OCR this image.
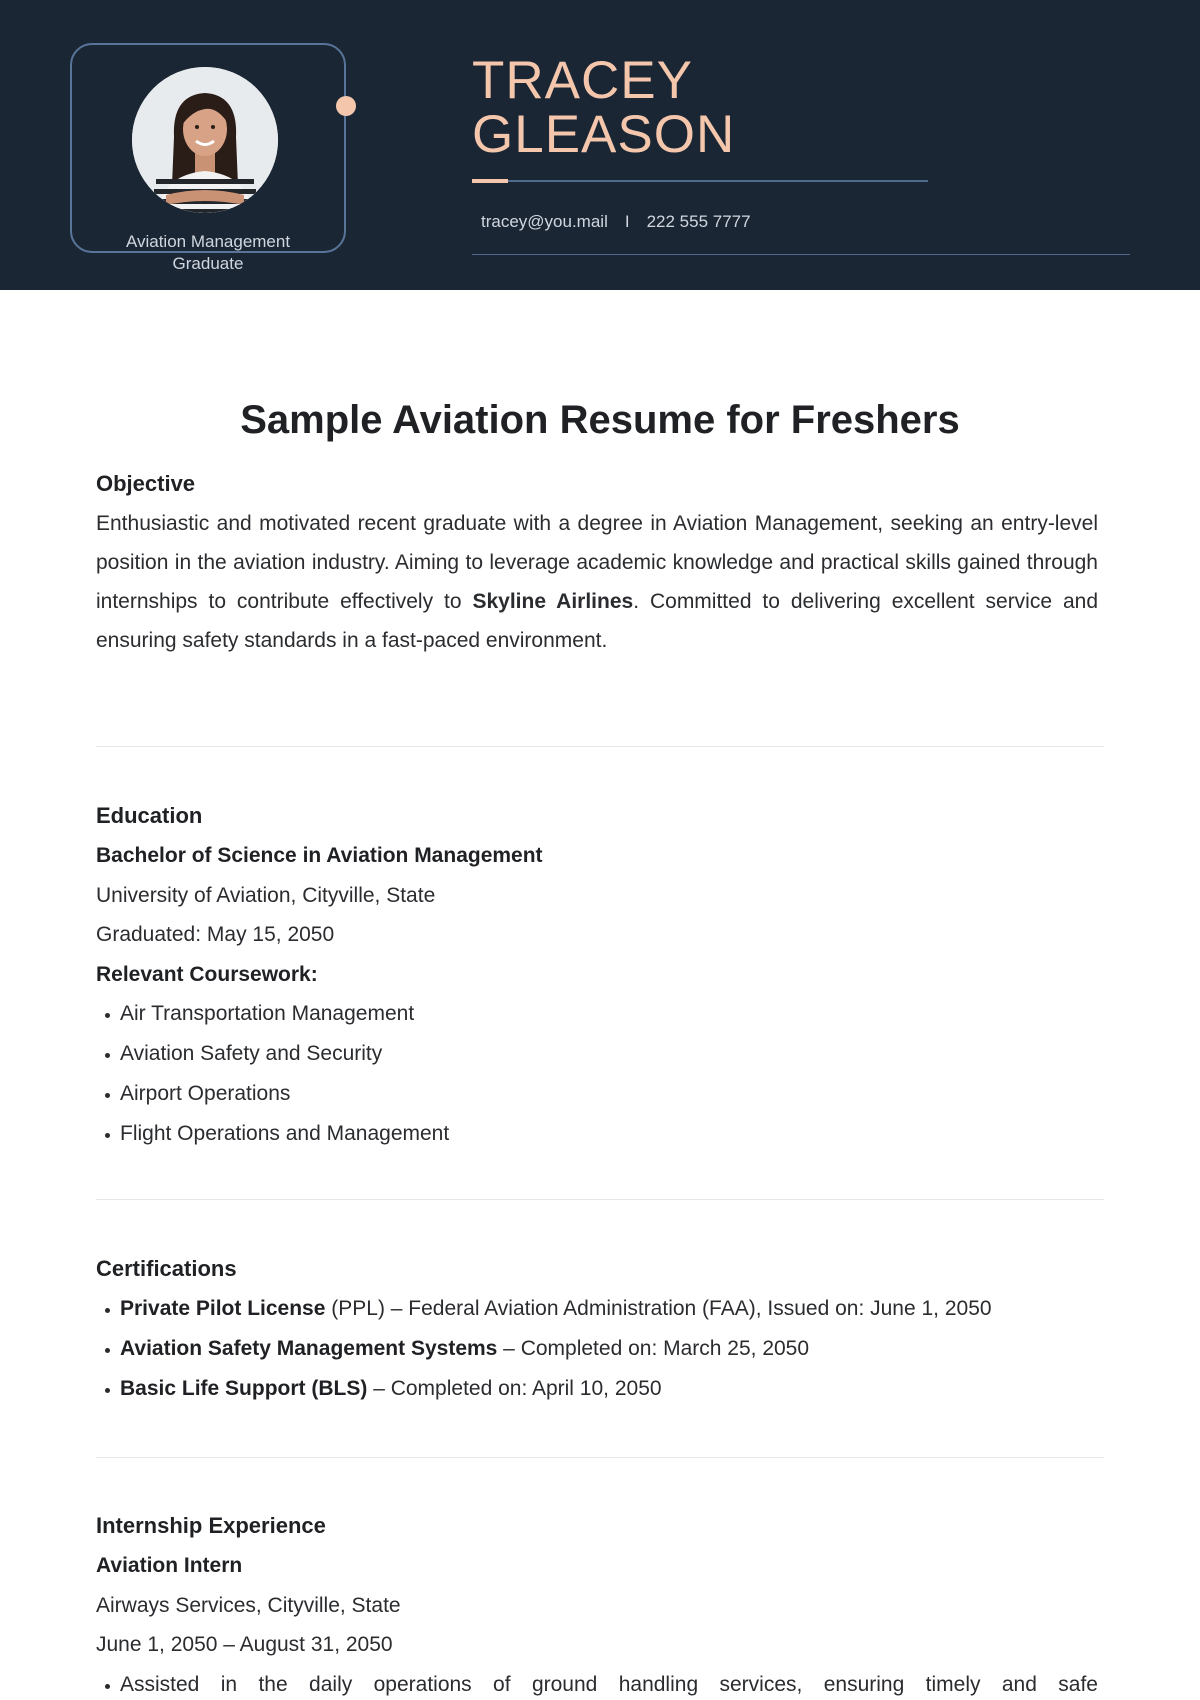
Aviation Management Graduate
TRACEY
GLEASON
tracey@you.mail I 222 555 7777
Sample Aviation Resume for Freshers
Objective

Enthusiastic and motivated recent graduate with a degree in Aviation Management, seeking an entry-level position in the aviation industry. Aiming to leverage academic knowledge and practical skills gained through internships to contribute effectively to Skyline Airlines. Committed to delivering excellent service and ensuring safety standards in a fast-paced environment.

Education
Bachelor of Science in Aviation Management
University of Aviation, Cityville, State
Graduated: May 15, 2050
Relevant Coursework:
Air Transportation Management
Aviation Safety and Security
Airport Operations
Flight Operations and Management
Certifications
Private Pilot License (PPL) – Federal Aviation Administration (FAA), Issued on: June 1, 2050
Aviation Safety Management Systems – Completed on: March 25, 2050
Basic Life Support (BLS) – Completed on: April 10, 2050
Internship Experience
Aviation Intern
Airways Services, Cityville, State
June 1, 2050 – August 31, 2050
Assisted in the daily operations of ground handling services, ensuring timely and safe
